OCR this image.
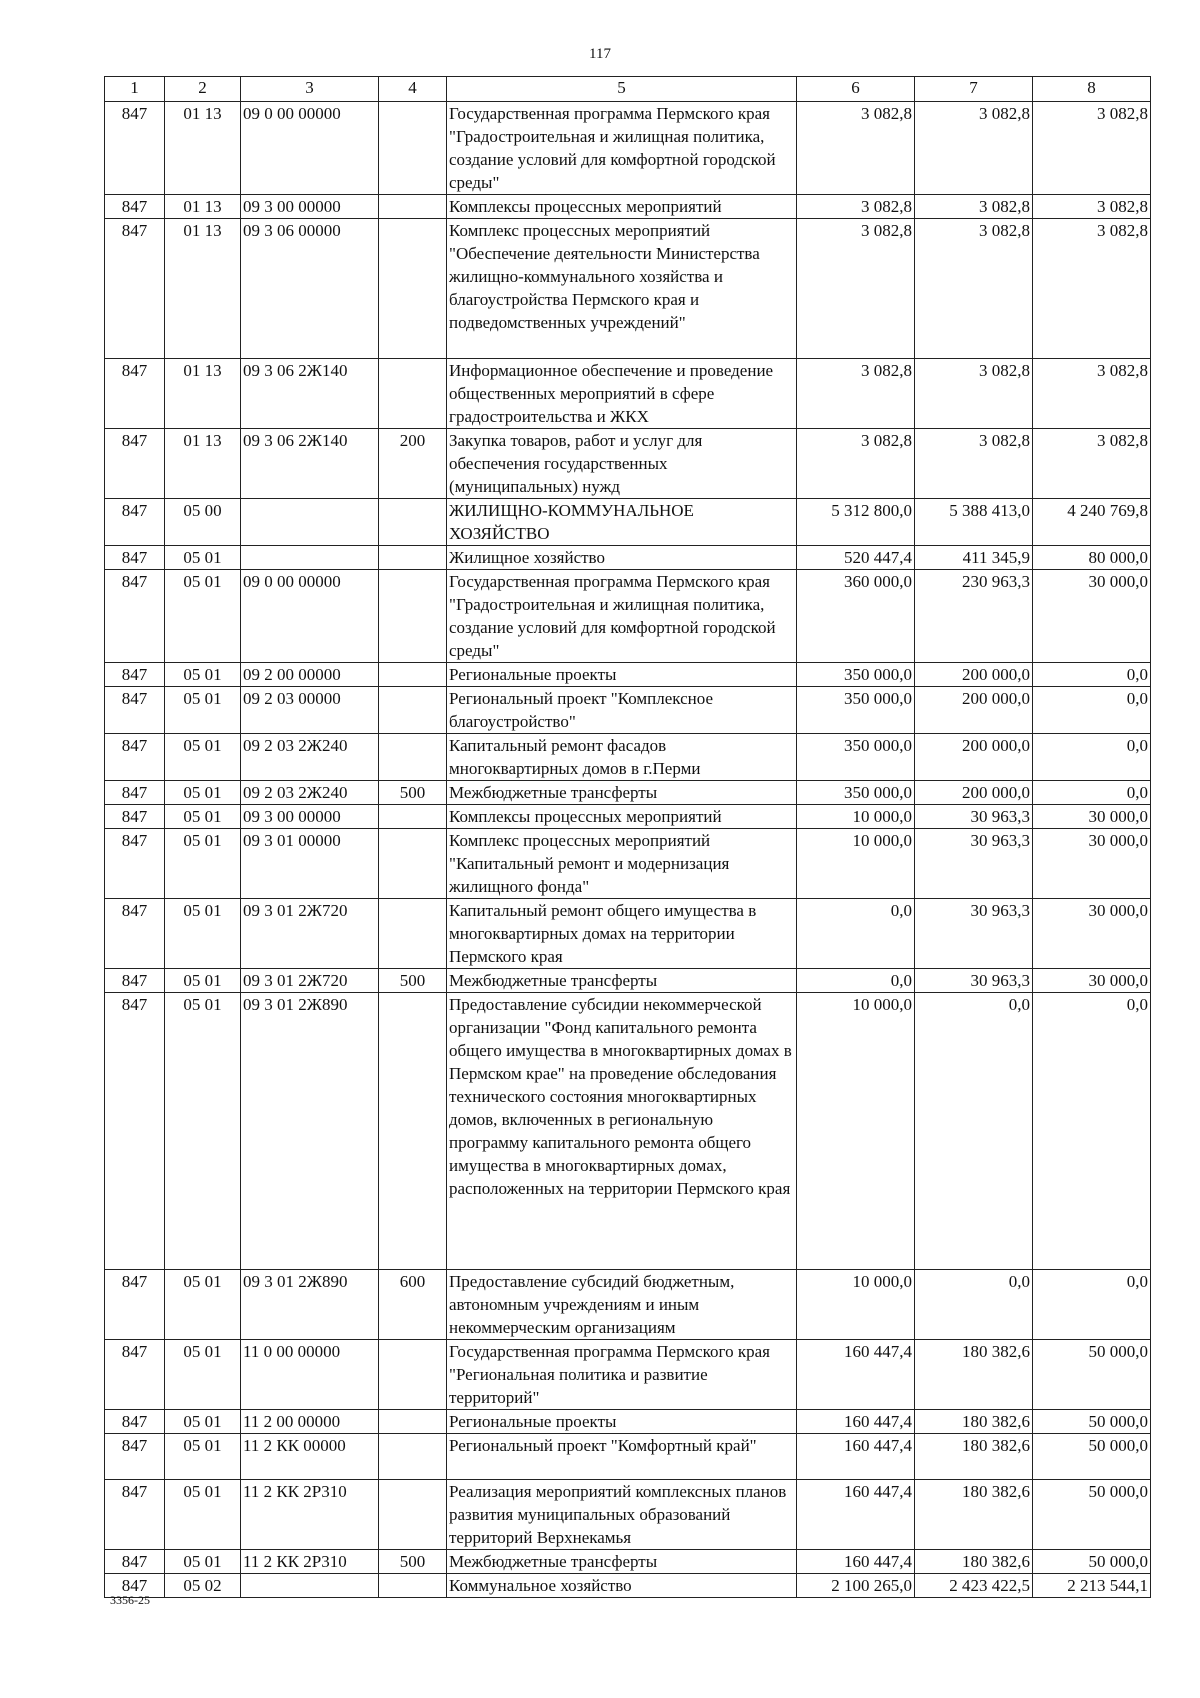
117
1	2	3	4	5	6	7	8
847	01 13	09 0 00 00000		Государственная программа Пермского края "Градостроительная и жилищная политика, создание условий для комфортной городской среды"	3 082,8	3 082,8	3 082,8
847	01 13	09 3 00 00000		Комплексы процессных мероприятий	3 082,8	3 082,8	3 082,8
847	01 13	09 3 06 00000		Комплекс процессных мероприятий "Обеспечение деятельности Министерства жилищно-коммунального хозяйства и благоустройства Пермского края и подведомственных учреждений"	3 082,8	3 082,8	3 082,8
847	01 13	09 3 06 2Ж140		Информационное обеспечение и проведение общественных мероприятий в сфере градостроительства и ЖКХ	3 082,8	3 082,8	3 082,8
847	01 13	09 3 06 2Ж140	200	Закупка товаров, работ и услуг для обеспечения государственных (муниципальных) нужд	3 082,8	3 082,8	3 082,8
847	05 00			ЖИЛИЩНО-КОММУНАЛЬНОЕ ХОЗЯЙСТВО	5 312 800,0	5 388 413,0	4 240 769,8
847	05 01			Жилищное хозяйство	520 447,4	411 345,9	80 000,0
847	05 01	09 0 00 00000		Государственная программа Пермского края "Градостроительная и жилищная политика, создание условий для комфортной городской среды"	360 000,0	230 963,3	30 000,0
847	05 01	09 2 00 00000		Региональные проекты	350 000,0	200 000,0	0,0
847	05 01	09 2 03 00000		Региональный проект "Комплексное благоустройство"	350 000,0	200 000,0	0,0
847	05 01	09 2 03 2Ж240		Капитальный ремонт фасадов многоквартирных домов в г.Перми	350 000,0	200 000,0	0,0
847	05 01	09 2 03 2Ж240	500	Межбюджетные трансферты	350 000,0	200 000,0	0,0
847	05 01	09 3 00 00000		Комплексы процессных мероприятий	10 000,0	30 963,3	30 000,0
847	05 01	09 3 01 00000		Комплекс процессных мероприятий "Капитальный ремонт и модернизация жилищного фонда"	10 000,0	30 963,3	30 000,0
847	05 01	09 3 01 2Ж720		Капитальный ремонт общего имущества в многоквартирных домах на территории Пермского края	0,0	30 963,3	30 000,0
847	05 01	09 3 01 2Ж720	500	Межбюджетные трансферты	0,0	30 963,3	30 000,0
847	05 01	09 3 01 2Ж890		Предоставление субсидии некоммерческой организации "Фонд капитального ремонта общего имущества в многоквартирных домах в Пермском крае" на проведение обследования технического состояния многоквартирных домов, включенных в региональную программу капитального ремонта общего имущества в многоквартирных домах, расположенных на территории Пермского края	10 000,0	0,0	0,0
847	05 01	09 3 01 2Ж890	600	Предоставление субсидий бюджетным, автономным учреждениям и иным некоммерческим организациям	10 000,0	0,0	0,0
847	05 01	11 0 00 00000		Государственная программа Пермского края "Региональная политика и развитие территорий"	160 447,4	180 382,6	50 000,0
847	05 01	11 2 00 00000		Региональные проекты	160 447,4	180 382,6	50 000,0
847	05 01	11 2 КК 00000		Региональный проект "Комфортный край"	160 447,4	180 382,6	50 000,0
847	05 01	11 2 КК 2Р310		Реализация мероприятий комплексных планов развития муниципальных образований территорий Верхнекамья	160 447,4	180 382,6	50 000,0
847	05 01	11 2 КК 2Р310	500	Межбюджетные трансферты	160 447,4	180 382,6	50 000,0
847	05 02			Коммунальное хозяйство	2 100 265,0	2 423 422,5	2 213 544,1
3356-25
